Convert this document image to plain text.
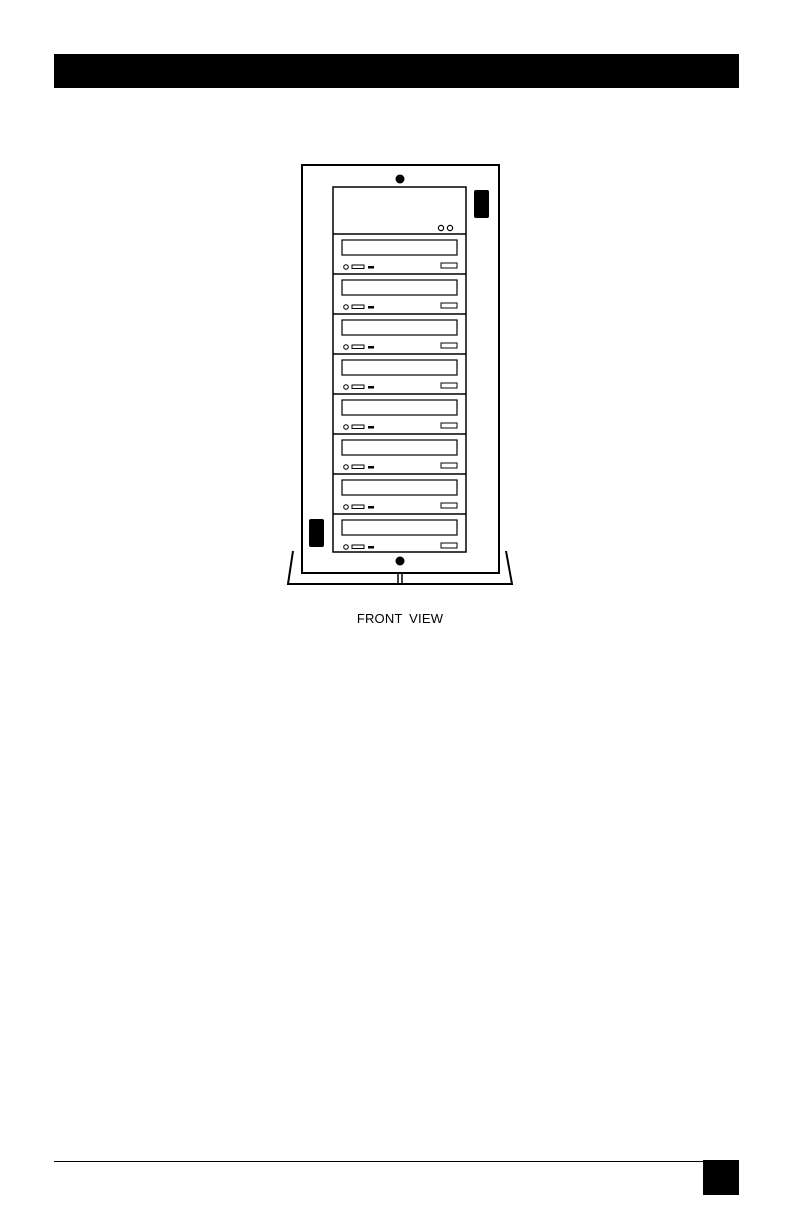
FRONT VIEW
